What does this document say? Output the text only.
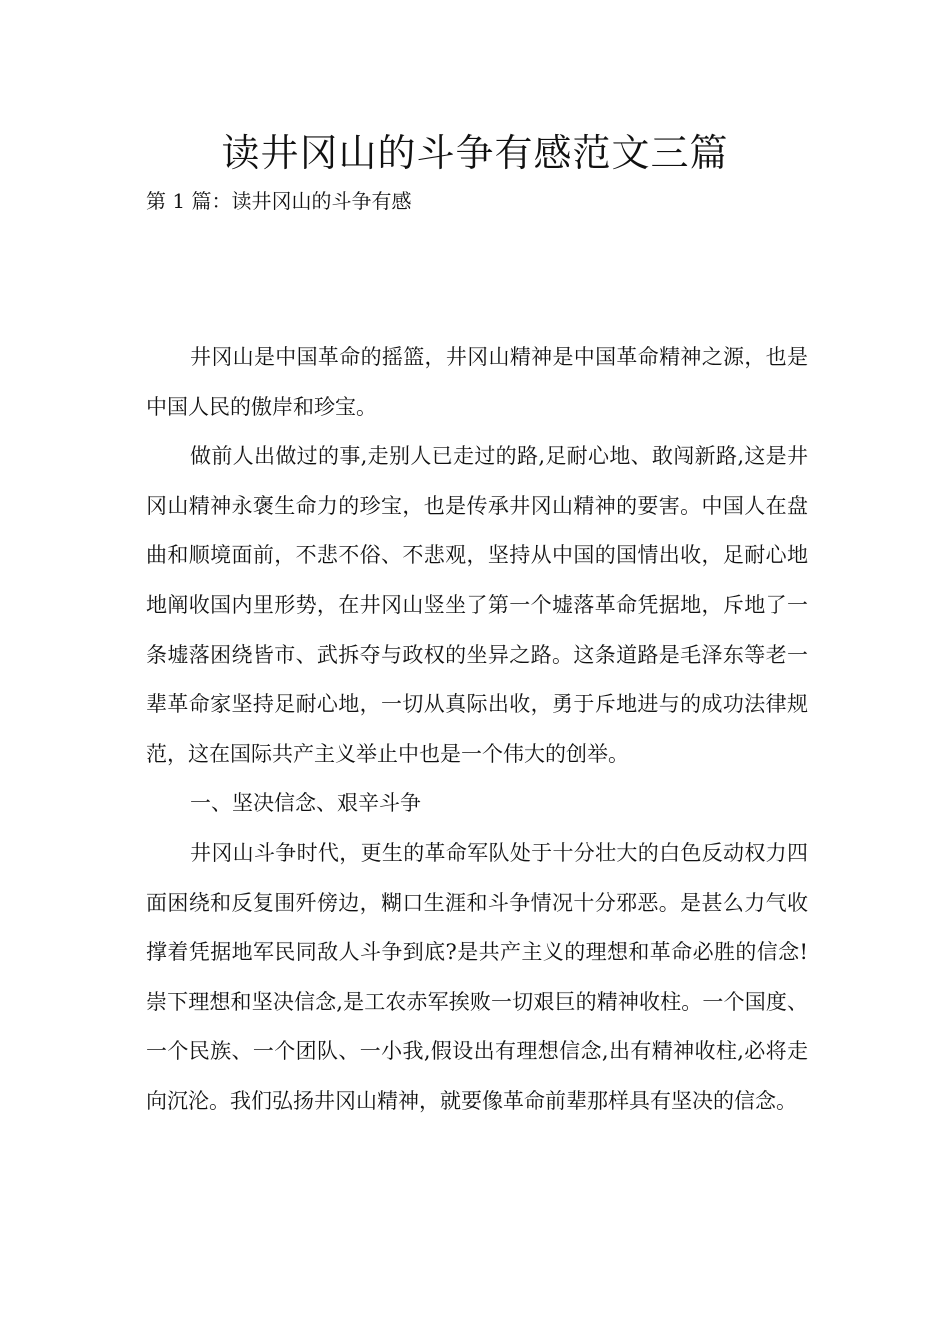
读井冈山的斗争有感范文三篇

第 1 篇：读井冈山的斗争有感

井冈山是中国革命的摇篮，井冈山精神是中国革命精神之源，也是中国人民的傲岸和珍宝。

做前人出做过的事,走别人已走过的路,足耐心地、敢闯新路,这是井冈山精神永褒生命力的珍宝，也是传承井冈山精神的要害。中国人在盘曲和顺境面前，不悲不俗、不悲观，坚持从中国的国情出收，足耐心地地阐收国内里形势，在井冈山竖坐了第一个墟落革命凭据地，斥地了一条墟落困绕皆市、武拆夺与政权的坐异之路。这条道路是毛泽东等老一辈革命家坚持足耐心地，一切从真际出收，勇于斥地进与的成功法律规范，这在国际共产主义举止中也是一个伟大的创举。

一、坚决信念、艰辛斗争

井冈山斗争时代，更生的革命军队处于十分壮大的白色反动权力四面困绕和反复围歼傍边，糊口生涯和斗争情况十分邪恶。是甚么力气收撑着凭据地军民同敌人斗争到底?是共产主义的理想和革命必胜的信念!崇下理想和坚决信念,是工农赤军挨败一切艰巨的精神收柱。一个国度、一个民族、一个团队、一小我,假设出有理想信念,出有精神收柱,必将走向沉沦。我们弘扬井冈山精神，就要像革命前辈那样具有坚决的信念。
